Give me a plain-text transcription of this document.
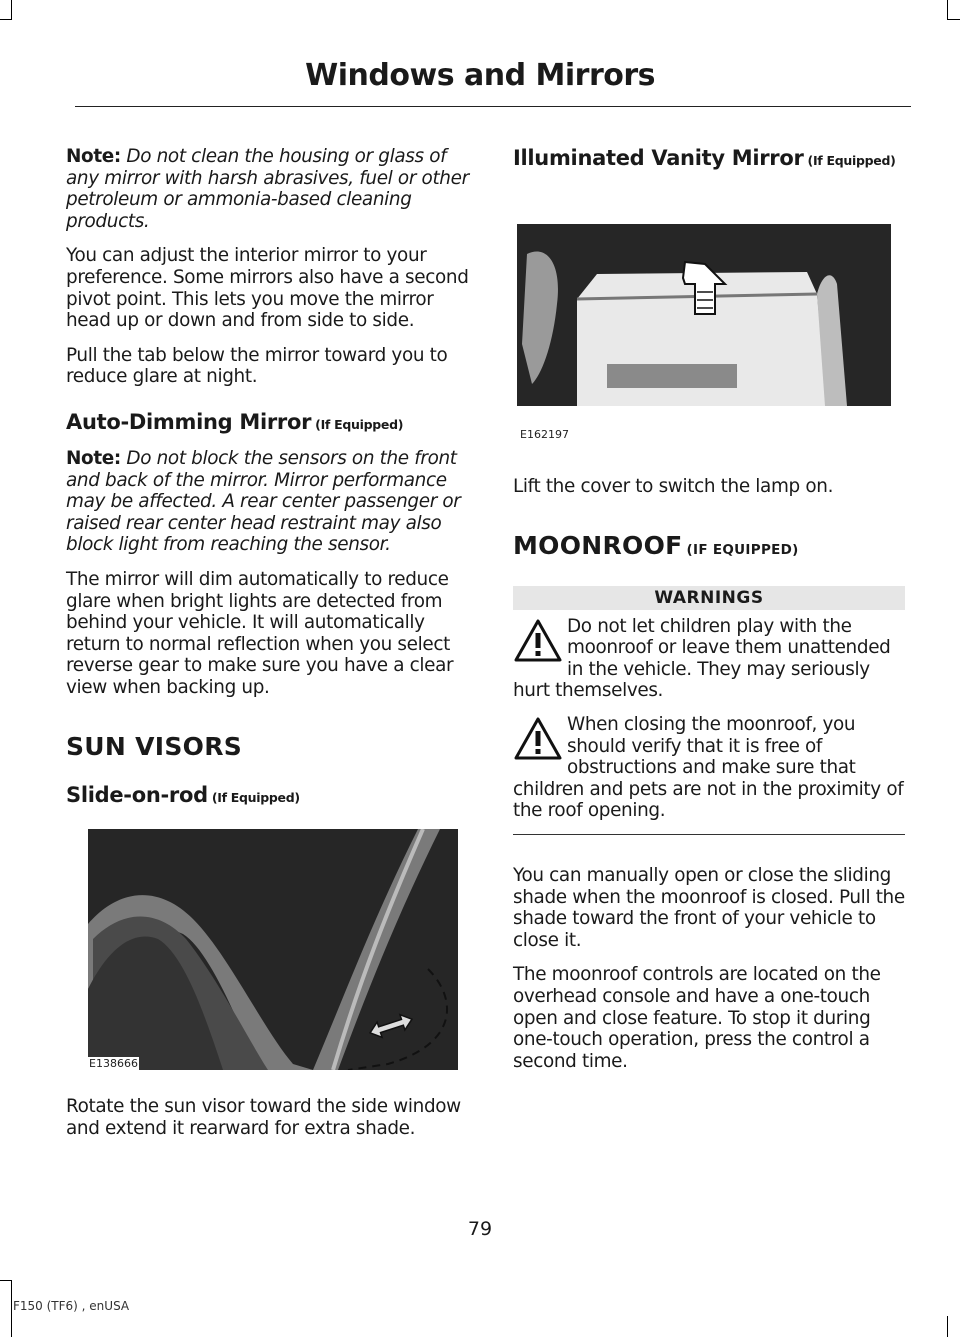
Windows and Mirrors

Note: Do not clean the housing or glass of any mirror with harsh abrasives, fuel or other petroleum or ammonia-based cleaning products.

You can adjust the interior mirror to your preference. Some mirrors also have a second pivot point. This lets you move the mirror head up or down and from side to side.

Pull the tab below the mirror toward you to reduce glare at night.

Auto-Dimming Mirror (If Equipped)

Note: Do not block the sensors on the front and back of the mirror. Mirror performance may be affected. A rear center passenger or raised rear center head restraint may also block light from reaching the sensor.

The mirror will dim automatically to reduce glare when bright lights are detected from behind your vehicle. It will automatically return to normal reflection when you select reverse gear to make sure you have a clear view when backing up.

SUN VISORS
Slide-on-rod (If Equipped)
E138666

Rotate the sun visor toward the side window and extend it rearward for extra shade.

Illuminated Vanity Mirror (If Equipped)
E162197

Lift the cover to switch the lamp on.

MOONROOF (IF EQUIPPED)
WARNINGS
Do not let children play with the moonroof or leave them unattended in the vehicle. They may seriously hurt themselves.
When closing the moonroof, you should verify that it is free of obstructions and make sure that children and pets are not in the proximity of the roof opening.

You can manually open or close the sliding shade when the moonroof is closed. Pull the shade toward the front of your vehicle to close it.

The moonroof controls are located on the overhead console and have a one-touch open and close feature. To stop it during one-touch operation, press the control a second time.

79
F150 (TF6) , enUSA
